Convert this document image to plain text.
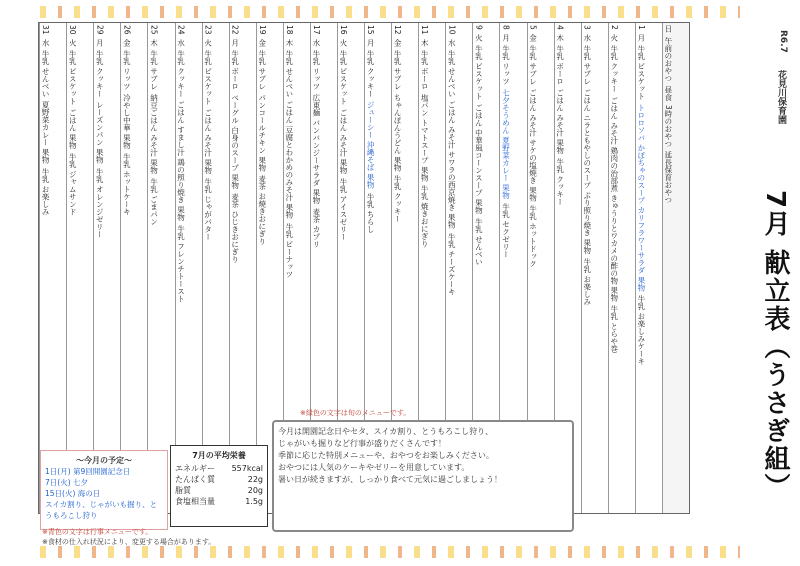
7月 献立表（うさぎ組）
花見川保育園
R6.7
日
午前のおやつ
昼食
3時のおやつ
延長保育おやつ
1
月
牛乳 ビスケット
トロロソバ かぼちゃのスープ カリフラワーサラダ 果物
牛乳 お楽しみケーキ
2
火
牛乳 クッキー
ごはん みそ汁 鶏肉の治部煮 きゅうりとワカメの酢の物 果物
牛乳 とらや巻
3
水
牛乳 サブレ
ごはん ニラともやしのスープ ぶり照り焼き 果物
牛乳 お楽しみ
4
木
牛乳 ボーロ
ごはん みそ汁 果物
牛乳 クッキー
5
金
牛乳 サブレ
ごはん みそ汁 サケの塩焼き 果物
牛乳 ホットドック
8
月
牛乳 リッツ
七夕そうめん 夏野菜カレー 果物
牛乳 セクゼリー
9
火
牛乳 ビスケット
ごはん 中華風コーンスープ 果物
牛乳 せんべい
10
水
牛乳 せんべい
ごはん みそ汁 サワラの西京焼き 果物
牛乳 チーズケーキ
11
木
牛乳 ボーロ
塩パン トマトスープ 果物
牛乳 焼きおにぎり
12
金
牛乳 サブレ
ちゃんぽんうどん 果物
牛乳 クッキー
15
月
牛乳 クッキー
ジューシー 沖縄そば 果物
牛乳 ちらし
16
火
牛乳 ビスケット
ごはん みそ汁 果物
牛乳 アイスゼリー
17
水
牛乳 リッツ
広東麺 バンバンジーサラダ 果物
麦茶 カプリ
18
木
牛乳 せんべい
ごはん 豆腐とわかめのみそ汁 果物
牛乳 ビーナッツ
19
金
牛乳 サブレ
パンコールチキン 果物
麦茶 お焼きおにぎり
22
月
牛乳 ボーロ
ベーグル 白身のスープ 果物
麦茶 ひじきおにぎり
23
火
牛乳 ビスケット
ごはん みそ汁 果物
牛乳 じゃがバター
24
水
牛乳 クッキー
ごはん すまし汁 鶏の照り焼き 果物
牛乳 フレンチトースト
25
木
牛乳 サブレ
納豆ごはん みそ汁 果物
牛乳 ごまパン
26
金
牛乳 リッツ
冷やし中華 果物
牛乳 ホットケーキ
29
月
牛乳 クッキー
レーズンパン 果物
牛乳 オレンジゼリー
30
火
牛乳 ビスケット
ごはん 果物
牛乳 ジャムサンド
31
水
牛乳 せんべい
夏野菜カレー 果物
牛乳 お楽しみ
※緑色の文字は旬のメニューです。
～今月の予定～
1日(月) 第9回開園記念日
7日(火) 七夕
15日(火) 海の日
スイカ割り、じゃがいも掘り、とうもろこし狩り
7月の平均栄養
エネルギー 557kcal
たんぱく質	22g
脂質	20g
食塩相当量	1.5g
今月は開園記念日やセタ、スイカ割り、とうもろこし狩り、
じゃがいも掘りなど行事が盛りだくさんです！
季節に応じた特別メニューや、おやつをお楽しみください。
おやつには人気のケーキやゼリーを用意しています。
暑い日が続きますが、しっかり食べて元気に過ごしましょう！
※青色の文字は行事メニューです。
※食材の仕入れ状況により、変更する場合があります。
